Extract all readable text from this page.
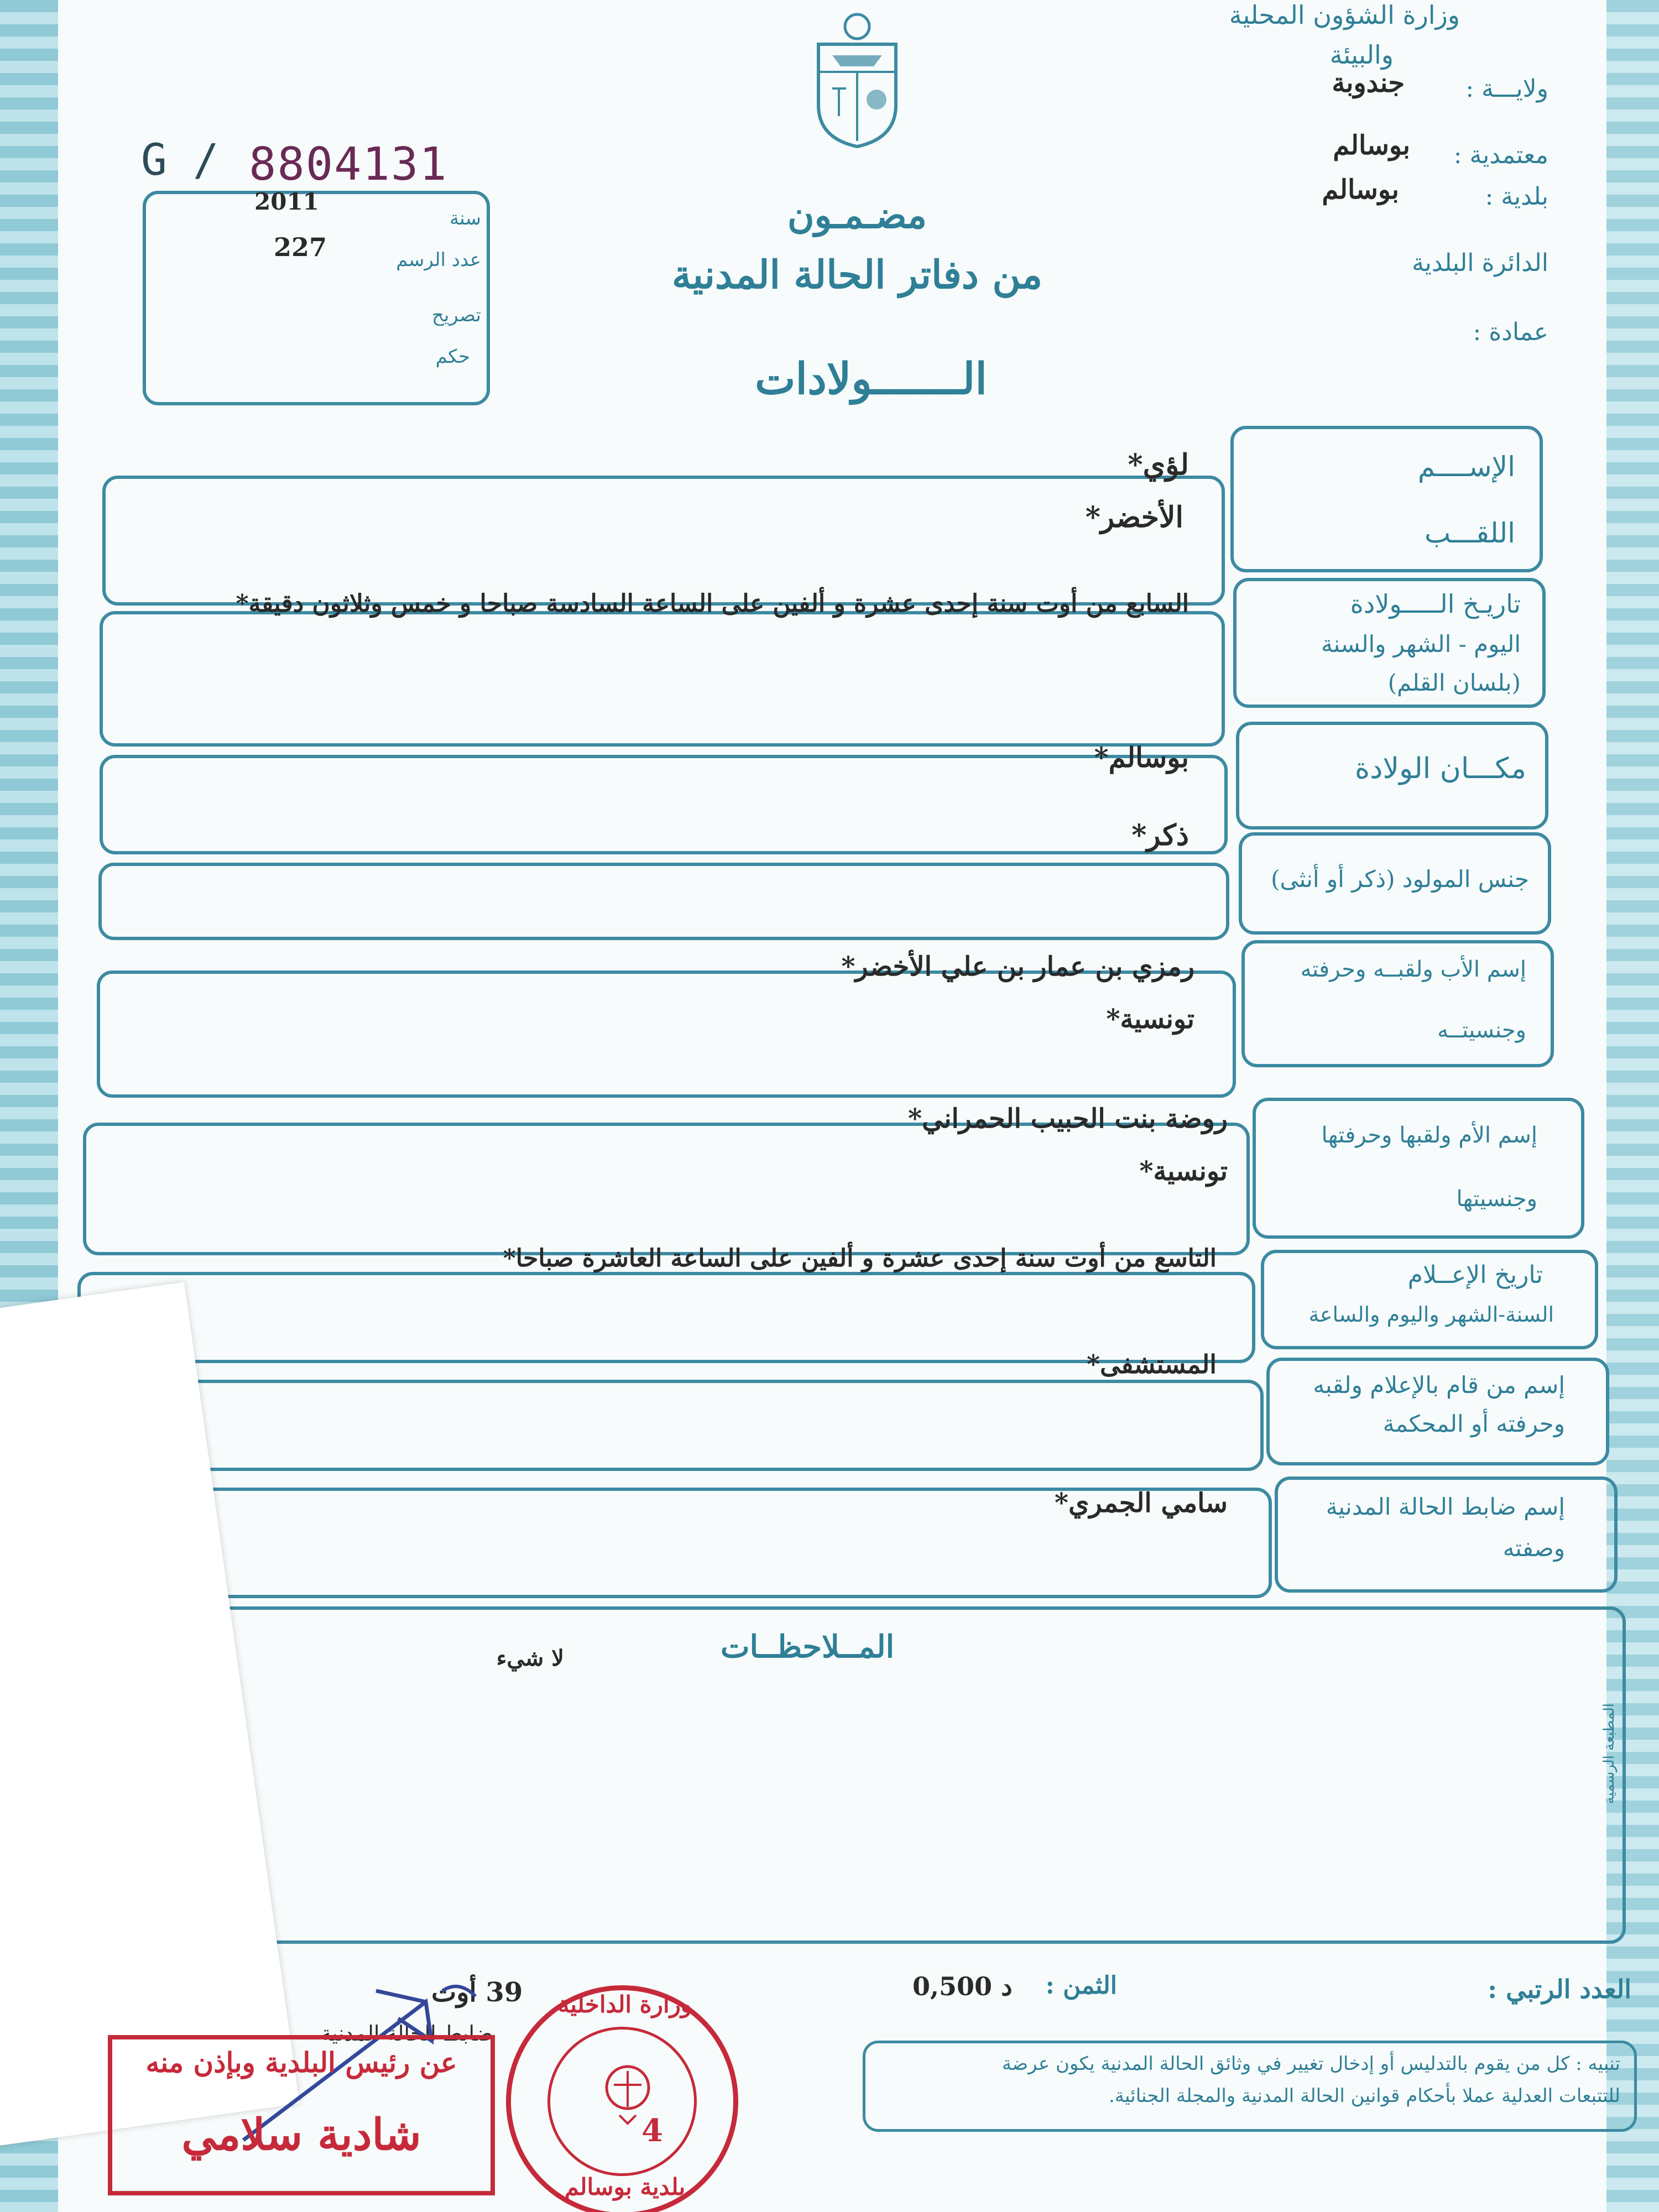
G / 8804131
سنة
2011
عدد الرسم
227
تصريح
حكم
وزارة الشؤون المحلية
والبيئة
ولايـــة :
جندوبة
معتمدية :
بوسالم
بلدية :
بوسالم
الدائرة البلدية
عمادة :
مضـمـون
من دفاتر الحالة المدنية
الـــــــولادات
الإســــم
اللقـــب
لؤي*
الأخضر*
تاريـخ الـــــولادة
اليوم - الشهر والسنة
(بلسان القلم)
السابع من أوت سنة إحدى عشرة و ألفين على الساعة السادسة صباحا و خمس وثلاثون دقيقة*
مكـــان الولادة
بوسالم*
جنس المولود (ذكر أو أنثى)
ذكر*
إسم الأب ولقبــه وحرفته
وجنسيتــه
رمزي بن عمار بن علي الأخضر*
تونسية*
إسم الأم ولقبها وحرفتها
وجنسيتها
روضة بنت الحبيب الحمراني*
تونسية*
تاريخ الإعــلام
السنة-الشهر واليوم والساعة
التاسع من أوت سنة إحدى عشرة و ألفين على الساعة العاشرة صباحا*
إسم من قام بالإعلام ولقبه
وحرفته أو المحكمة
المستشفى*
إسم ضابط الحالة المدنية
وصفته
سامي الجمري*
المــلاحظــات
لا شيء
المطبعة الرسمية
العدد الرتبي :
الثمن :
0,500 د
تنبيه : كل من يقوم بالتدليس أو إدخال تغيير في وثائق الحالة المدنية يكون عرضة
للتتبعات العدلية عملا بأحكام قوانين الحالة المدنية والمجلة الجنائية.
39 أوت
ضابط الحالة المدنية
عن رئيس البلدية وبإذن منه
شادية سلامي
وزارة الداخلية
بلدية بوسالم
4
